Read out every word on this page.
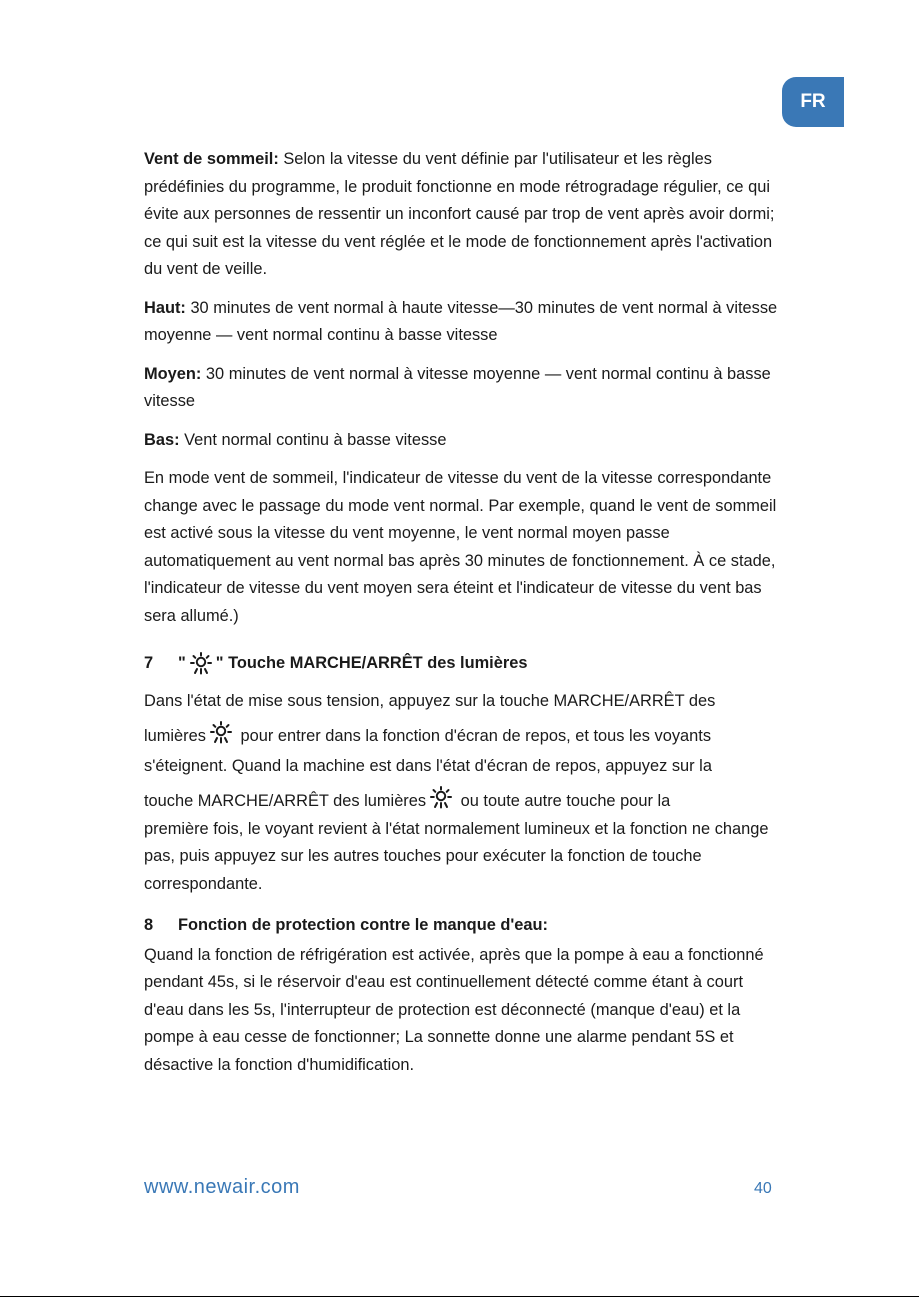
FR

Vent de sommeil: Selon la vitesse du vent définie par l'utilisateur et les règles prédéfinies du programme, le produit fonctionne en mode rétrogradage régulier, ce qui évite aux personnes de ressentir un inconfort causé par trop de vent après avoir dormi; ce qui suit est la vitesse du vent réglée et le mode de fonctionnement après l'activation du vent de veille.

Haut: 30 minutes de vent normal à haute vitesse—30 minutes de vent normal à vitesse moyenne — vent normal continu à basse vitesse

Moyen: 30 minutes de vent normal à vitesse moyenne — vent normal continu à basse vitesse

Bas: Vent normal continu à basse vitesse

En mode vent de sommeil, l'indicateur de vitesse du vent de la vitesse correspondante change avec le passage du mode vent normal. Par exemple, quand le vent de sommeil est activé sous la vitesse du vent moyenne, le vent normal moyen passe automatiquement au vent normal bas après 30 minutes de fonctionnement. À ce stade, l'indicateur de vitesse du vent moyen sera éteint et l'indicateur de vitesse du vent bas sera allumé.)

7	" " Touche MARCHE/ARRÊT des lumières

Dans l'état de mise sous tension, appuyez sur la touche MARCHE/ARRÊT des

lumières
pour entrer dans la fonction d'écran de repos, et tous les voyants

s'éteignent. Quand la machine est dans l'état d'écran de repos, appuyez sur la

touche MARCHE/ARRÊT des lumières
ou toute autre touche pour la

première fois, le voyant revient à l'état normalement lumineux et la fonction ne change pas, puis appuyez sur les autres touches pour exécuter la fonction de touche correspondante.

8	Fonction de protection contre le manque d'eau:

Quand la fonction de réfrigération est activée, après que la pompe à eau a fonctionné pendant 45s, si le réservoir d'eau est continuellement détecté comme étant à court d'eau dans les 5s, l'interrupteur de protection est déconnecté (manque d'eau) et la pompe à eau cesse de fonctionner; La sonnette donne une alarme pendant 5S et désactive la fonction d'humidification.

www.newair.com	40
